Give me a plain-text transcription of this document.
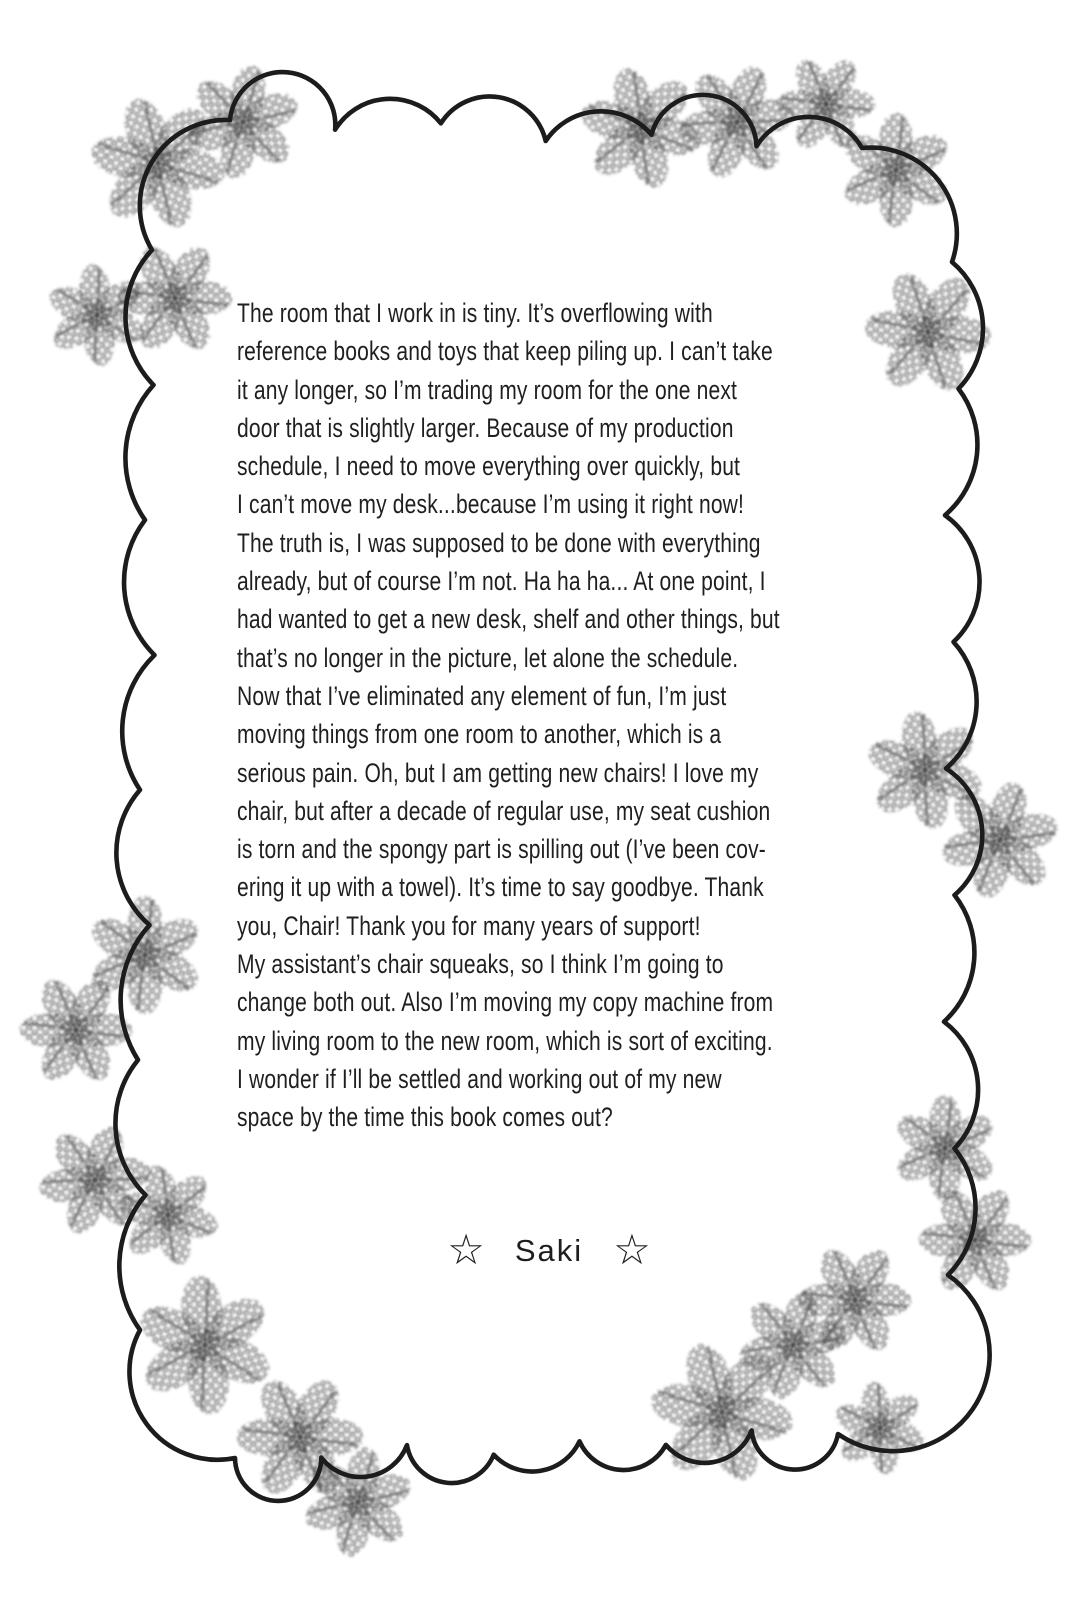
The room that I work in is tiny. It’s overflowing with
reference books and toys that keep piling up. I can’t take
it any longer, so I’m trading my room for the one next
door that is slightly larger. Because of my production
schedule, I need to move everything over quickly, but
I can’t move my desk...because I’m using it right now!
The truth is, I was supposed to be done with everything
already, but of course I’m not. Ha ha ha... At one point, I
had wanted to get a new desk, shelf and other things, but
that’s no longer in the picture, let alone the schedule.
Now that I’ve eliminated any element of fun, I’m just
moving things from one room to another, which is a
serious pain. Oh, but I am getting new chairs! I love my
chair, but after a decade of regular use, my seat cushion
is torn and the spongy part is spilling out (I’ve been cov-
ering it up with a towel). It’s time to say goodbye. Thank
you, Chair! Thank you for many years of support!
My assistant’s chair squeaks, so I think I’m going to
change both out. Also I’m moving my copy machine from
my living room to the new room, which is sort of exciting.
I wonder if I’ll be settled and working out of my new
space by the time this book comes out?
☆ Saki ☆
